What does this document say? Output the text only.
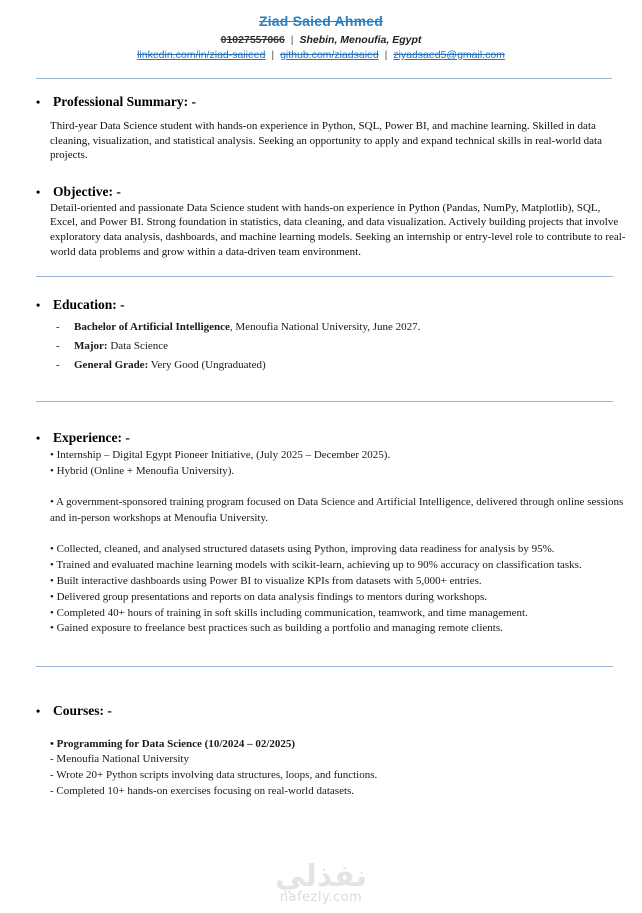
Ziad Saied Ahmed
01027557066 | Shebin, Menoufia, Egypt
linkedin.com/in/ziad-saiieed | github.com/ziadsaied | ziyadsaed5@gmail.com
• Professional Summary: -
Third-year Data Science student with hands-on experience in Python, SQL, Power BI, and machine learning. Skilled in data cleaning, visualization, and statistical analysis. Seeking an opportunity to apply and expand technical skills in real-world data projects.
• Objective: -
Detail-oriented and passionate Data Science student with hands-on experience in Python (Pandas, NumPy, Matplotlib), SQL, Excel, and Power BI. Strong foundation in statistics, data cleaning, and data visualization. Actively building projects that involve exploratory data analysis, dashboards, and machine learning models. Seeking an internship or entry-level role to contribute to real-world data problems and grow within a data-driven team environment.
• Education: -
-	Bachelor of Artificial Intelligence, Menoufia National University, June 2027.
-	Major: Data Science
-	General Grade: Very Good (Ungraduated)
• Experience: -
• Internship – Digital Egypt Pioneer Initiative, (July 2025 – December 2025).
• Hybrid (Online + Menoufia University).
• A government-sponsored training program focused on Data Science and Artificial Intelligence, delivered through online sessions and in-person workshops at Menoufia University.
• Collected, cleaned, and analysed structured datasets using Python, improving data readiness for analysis by 95%.
• Trained and evaluated machine learning models with scikit-learn, achieving up to 90% accuracy on classification tasks.
• Built interactive dashboards using Power BI to visualize KPIs from datasets with 5,000+ entries.
• Delivered group presentations and reports on data analysis findings to mentors during workshops.
• Completed 40+ hours of training in soft skills including communication, teamwork, and time management.
• Gained exposure to freelance best practices such as building a portfolio and managing remote clients.
• Courses: -
• Programming for Data Science (10/2024 – 02/2025)
- Menoufia National University
- Wrote 20+ Python scripts involving data structures, loops, and functions.
- Completed 10+ hands-on exercises focusing on real-world datasets.
نفذلي
nafezly.com
